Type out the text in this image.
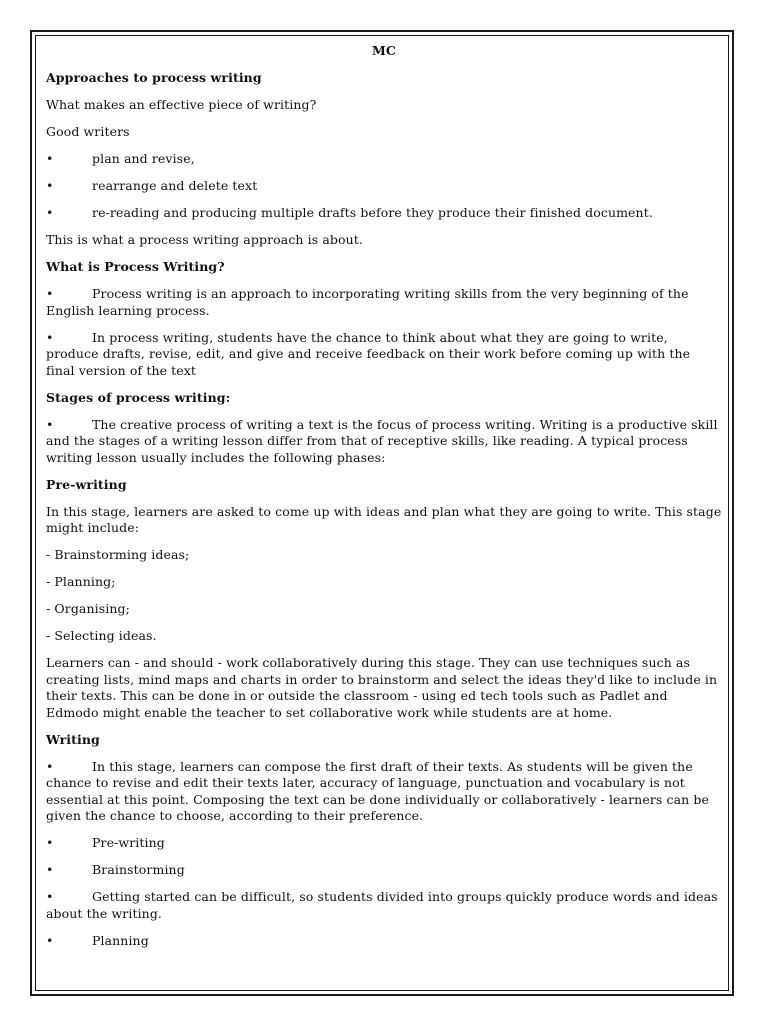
MC
Approaches to process writing
What makes an effective piece of writing?
Good writers
•	plan and revise,
•	rearrange and delete text
•	re-reading and producing multiple drafts before they produce their finished document.
This is what a process writing approach is about.
What is Process Writing?
•	Process writing is an approach to incorporating writing skills from the very beginning of the English learning process.
•	In process writing, students have the chance to think about what they are going to write, produce drafts, revise, edit, and give and receive feedback on their work before coming up with the final version of the text
Stages of process writing:
•	The creative process of writing a text is the focus of process writing. Writing is a productive skill and the stages of a writing lesson differ from that of receptive skills, like reading. A typical process writing lesson usually includes the following phases:
Pre-writing
In this stage, learners are asked to come up with ideas and plan what they are going to write. This stage might include:
- Brainstorming ideas;
- Planning;
- Organising;
- Selecting ideas.
Learners can - and should - work collaboratively during this stage. They can use techniques such as creating lists, mind maps and charts in order to brainstorm and select the ideas they'd like to include in their texts. This can be done in or outside the classroom - using ed tech tools such as Padlet and Edmodo might enable the teacher to set collaborative work while students are at home.
Writing
•	In this stage, learners can compose the first draft of their texts. As students will be given the chance to revise and edit their texts later, accuracy of language, punctuation and vocabulary is not essential at this point. Composing the text can be done individually or collaboratively - learners can be given the chance to choose, according to their preference.
•	Pre-writing
•	Brainstorming
•	Getting started can be difficult, so students divided into groups quickly produce words and ideas about the writing.
•	Planning
